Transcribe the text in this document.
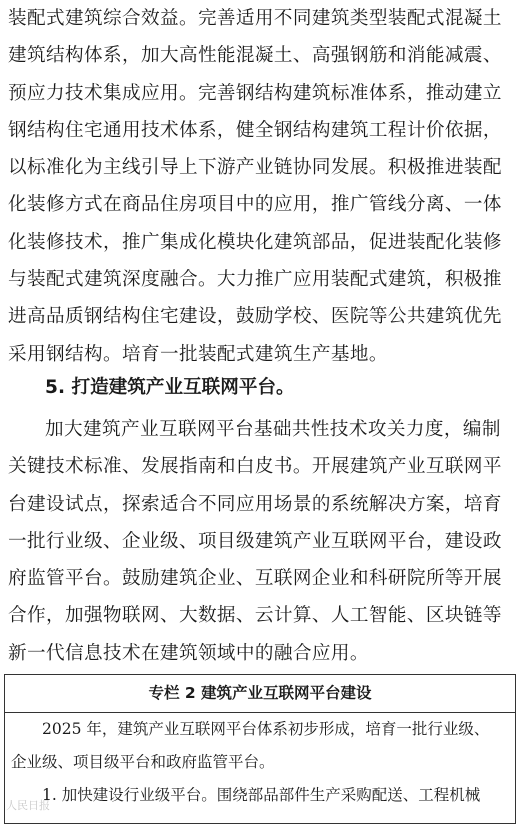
装配式建筑综合效益。完善适用不同建筑类型装配式混凝土
建筑结构体系，加大高性能混凝土、高强钢筋和消能减震、
预应力技术集成应用。完善钢结构建筑标准体系，推动建立
钢结构住宅通用技术体系，健全钢结构建筑工程计价依据，
以标准化为主线引导上下游产业链协同发展。积极推进装配
化装修方式在商品住房项目中的应用，推广管线分离、一体
化装修技术，推广集成化模块化建筑部品，促进装配化装修
与装配式建筑深度融合。大力推广应用装配式建筑，积极推
进高品质钢结构住宅建设，鼓励学校、医院等公共建筑优先
采用钢结构。培育一批装配式建筑生产基地。
5. 打造建筑产业互联网平台。
加大建筑产业互联网平台基础共性技术攻关力度，编制
关键技术标准、发展指南和白皮书。开展建筑产业互联网平
台建设试点，探索适合不同应用场景的系统解决方案，培育
一批行业级、企业级、项目级建筑产业互联网平台，建设政
府监管平台。鼓励建筑企业、互联网企业和科研院所等开展
合作，加强物联网、大数据、云计算、人工智能、区块链等
新一代信息技术在建筑领域中的融合应用。
专栏 2 建筑产业互联网平台建设
2025 年，建筑产业互联网平台体系初步形成，培育一批行业级、
企业级、项目级平台和政府监管平台。
1. 加快建设行业级平台。围绕部品部件生产采购配送、工程机械
人民日报
